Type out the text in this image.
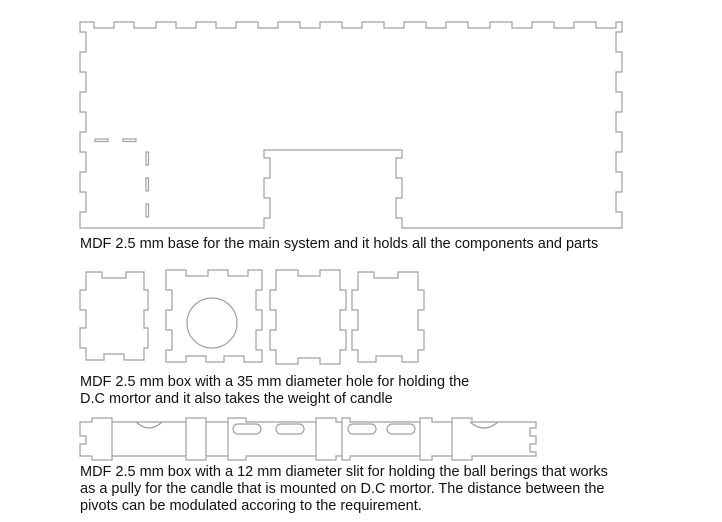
MDF 2.5 mm base for the main system and it holds all the components and parts

MDF 2.5 mm box with a 35 mm diameter hole for holding the
D.C mortor and it also takes the weight of candle

MDF 2.5 mm box with a 12 mm diameter slit for holding the ball berings that works
as a pully for the candle that is mounted on D.C mortor. The distance between the
pivots can be modulated accoring to the requirement.
